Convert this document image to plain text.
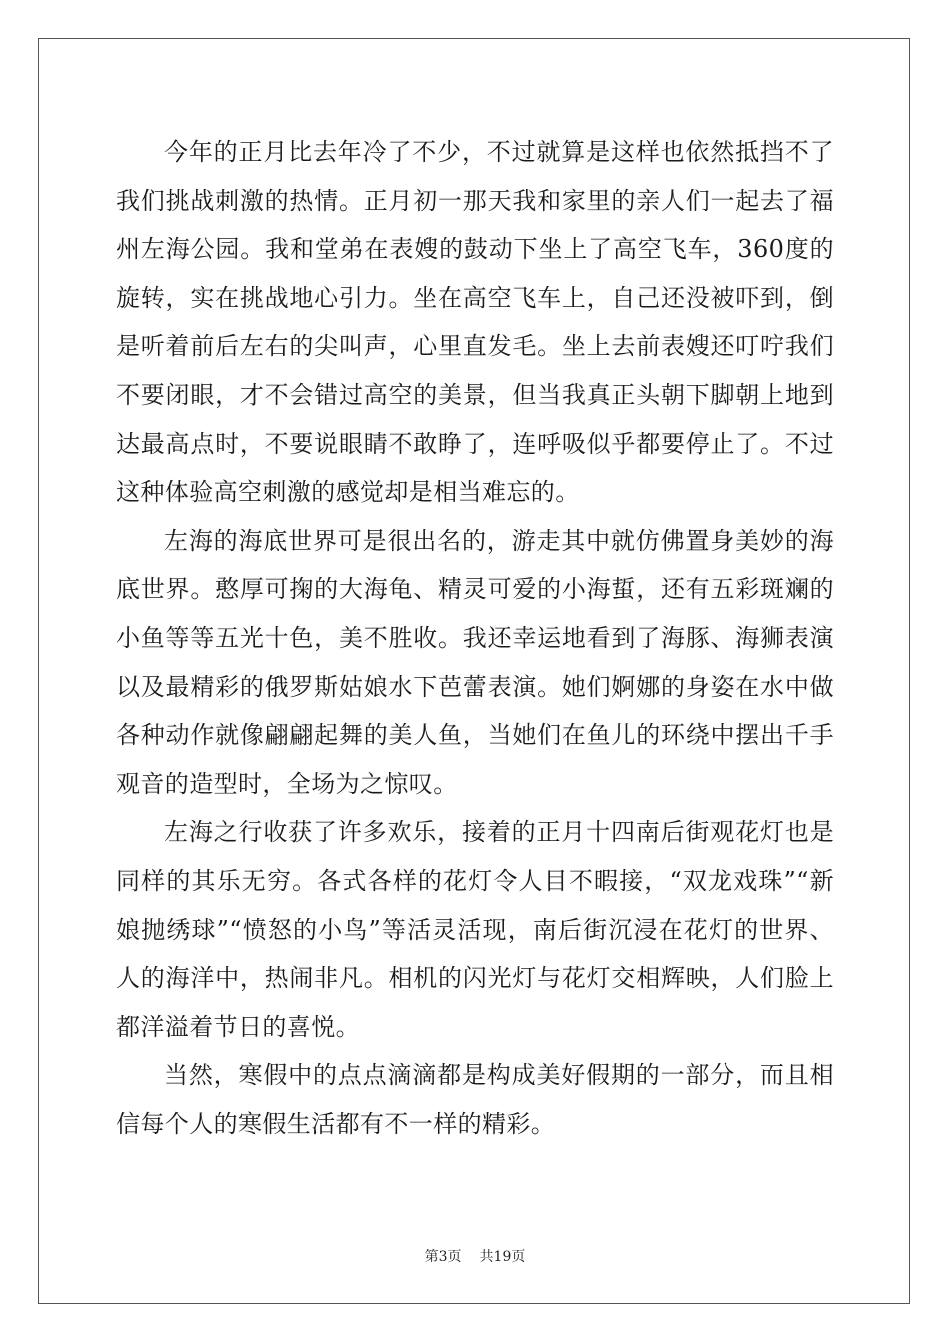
今年的正月比去年冷了不少，不过就算是这样也依然抵挡不了我们挑战刺激的热情。正月初一那天我和家里的亲人们一起去了福州左海公园。我和堂弟在表嫂的鼓动下坐上了高空飞车，360度的旋转，实在挑战地心引力。坐在高空飞车上，自己还没被吓到，倒是听着前后左右的尖叫声，心里直发毛。坐上去前表嫂还叮咛我们不要闭眼，才不会错过高空的美景，但当我真正头朝下脚朝上地到达最高点时，不要说眼睛不敢睁了，连呼吸似乎都要停止了。不过这种体验高空刺激的感觉却是相当难忘的。

左海的海底世界可是很出名的，游走其中就仿佛置身美妙的海底世界。憨厚可掬的大海龟、精灵可爱的小海蜇，还有五彩斑斓的小鱼等等五光十色，美不胜收。我还幸运地看到了海豚、海狮表演以及最精彩的俄罗斯姑娘水下芭蕾表演。她们婀娜的身姿在水中做各种动作就像翩翩起舞的美人鱼，当她们在鱼儿的环绕中摆出千手观音的造型时，全场为之惊叹。

左海之行收获了许多欢乐，接着的正月十四南后街观花灯也是同样的其乐无穷。各式各样的花灯令人目不暇接，“双龙戏珠”“新娘抛绣球”“愤怒的小鸟”等活灵活现，南后街沉浸在花灯的世界、人的海洋中，热闹非凡。相机的闪光灯与花灯交相辉映，人们脸上都洋溢着节日的喜悦。

当然，寒假中的点点滴滴都是构成美好假期的一部分，而且相信每个人的寒假生活都有不一样的精彩。

第3页 共19页
